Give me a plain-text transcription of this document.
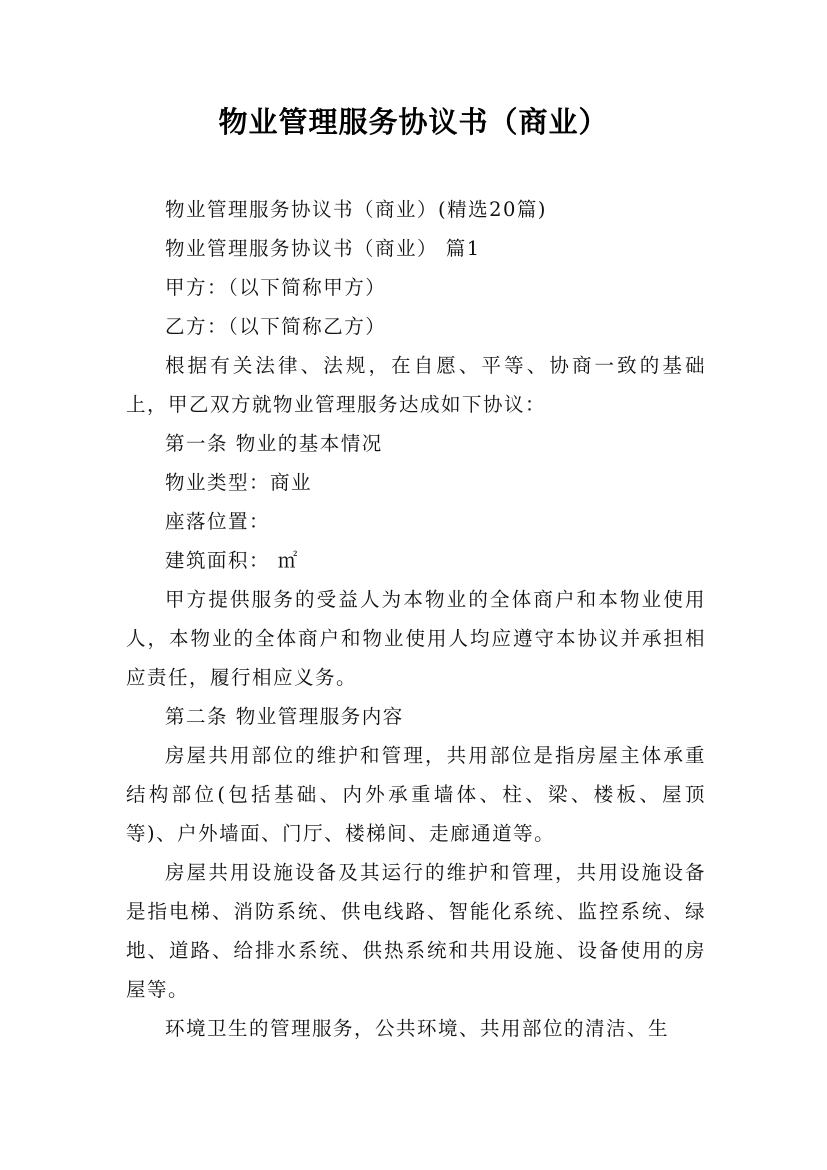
物业管理服务协议书（商业）

物业管理服务协议书（商业）(精选20篇)

物业管理服务协议书（商业） 篇1

甲方：（以下简称甲方）

乙方：（以下简称乙方）

根据有关法律、法规，在自愿、平等、协商一致的基础上，甲乙双方就物业管理服务达成如下协议：

第一条 物业的基本情况

物业类型：商业

座落位置：

建筑面积： ㎡

甲方提供服务的受益人为本物业的全体商户和本物业使用人，本物业的全体商户和物业使用人均应遵守本协议并承担相应责任，履行相应义务。

第二条 物业管理服务内容

房屋共用部位的维护和管理，共用部位是指房屋主体承重结构部位(包括基础、内外承重墙体、柱、梁、楼板、屋顶等)、户外墙面、门厅、楼梯间、走廊通道等。

房屋共用设施设备及其运行的维护和管理，共用设施设备是指电梯、消防系统、供电线路、智能化系统、监控系统、绿地、道路、给排水系统、供热系统和共用设施、设备使用的房屋等。

环境卫生的管理服务，公共环境、共用部位的清洁、生
